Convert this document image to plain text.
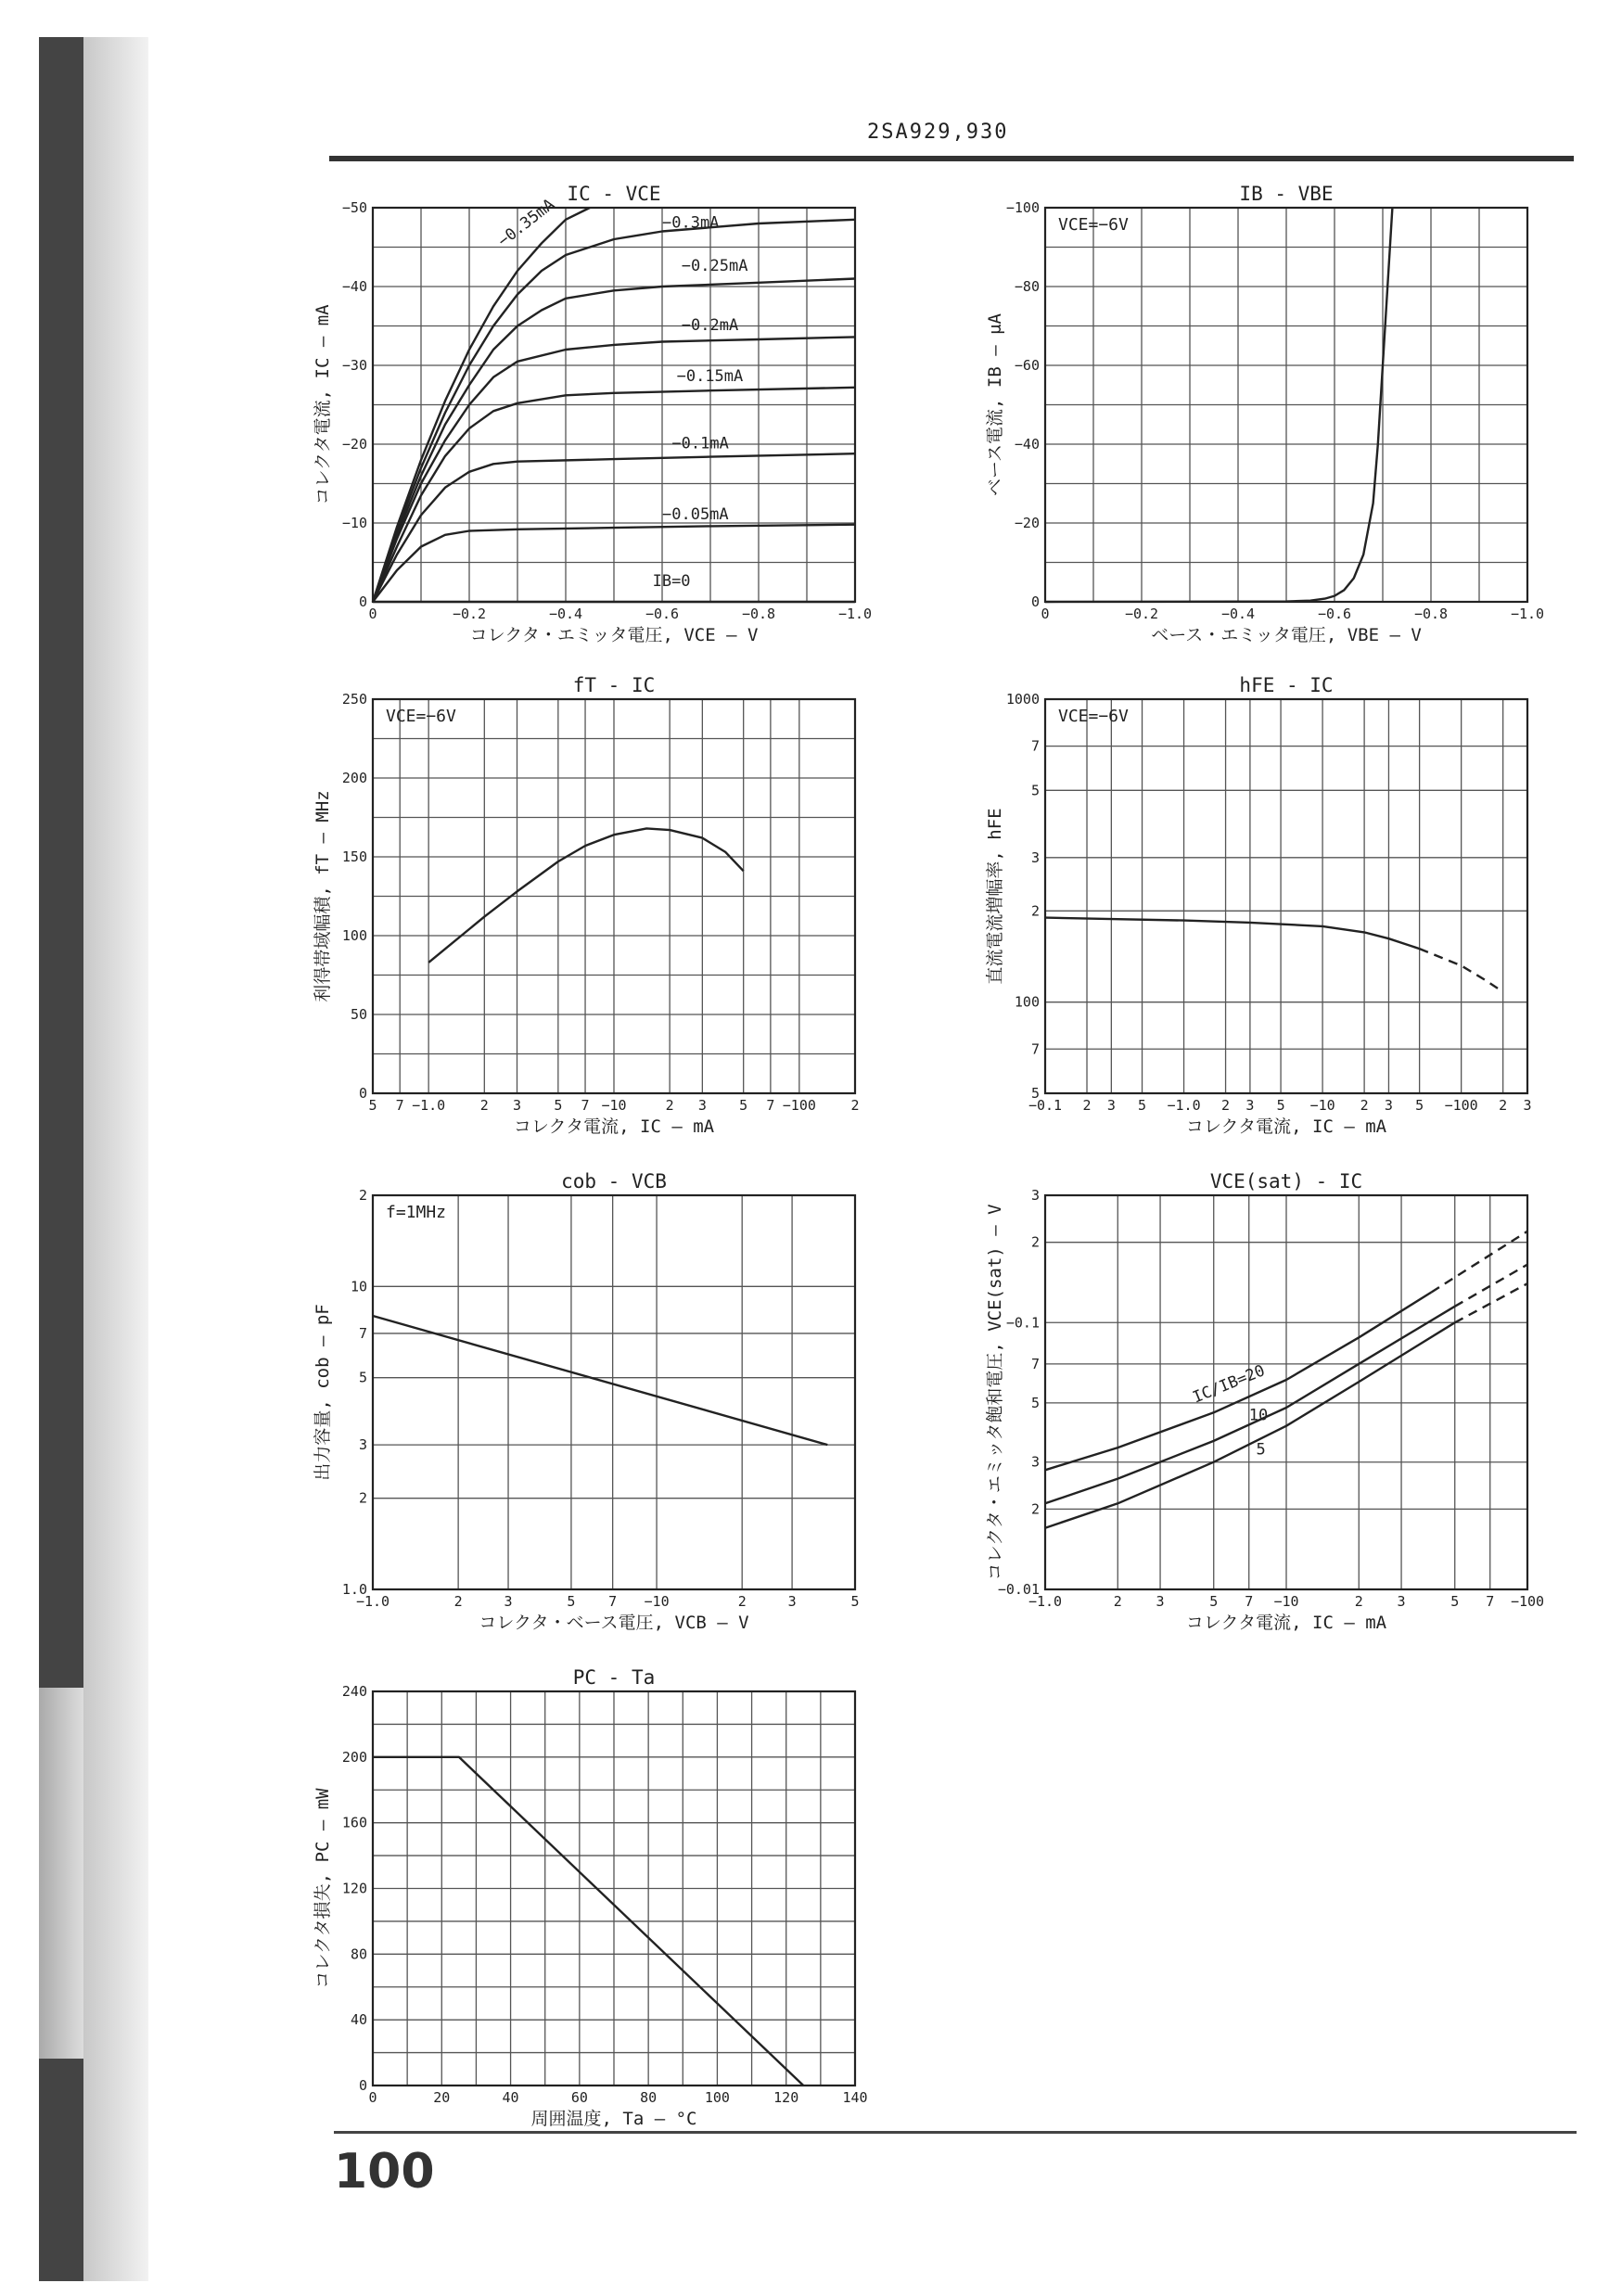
2SA929,930
IC - VCE
0	−0.2	−0.4	−0.6	−0.8	−1.0
0
−10
−20
−30
−40
−50
コレクタ・エミッタ電圧, VCE — V
コレクタ電流, IC — mA
−0.05mA
−0.1mA
−0.15mA
−0.2mA
−0.25mA
−0.3mA
−0.35mA
IB=0
IB - VBE
0	−0.2	−0.4	−0.6	−0.8	−1.0
0
−20
−40
−60
−80
−100
ベース・エミッタ電圧, VBE — V
ベース電流, IB — μA
VCE=−6V
fT - IC
5 7 −1.0	2 3 5 7 −10	2 3 5 7 −100	2
0
50
100
150
200
250
コレクタ電流, IC — mA
利得帯域幅積, fT — MHz
VCE=−6V
hFE - IC
−0.1 2 3 5 −1.0 2 3 5 −10 2 3 5 −100 2 3
5
7
100
2
3
5
7
1000
コレクタ電流, IC — mA
直流電流増幅率, hFE
VCE=−6V
cob - VCB
−1.0	2	3	5 7 −10	2	3	5
1.0
2
3
5
7
10
2
コレクタ・ベース電圧, VCB — V
出力容量, cob — pF
f=1MHz
VCE(sat) - IC
−1.0	2 3	5 7 −10	2 3	5 7 −100
−0.01
2
3
5
7
−0.1
2
3
コレクタ電流, IC — mA
コレクタ・エミッタ飽和電圧, VCE(sat) — V	IC/IB=20
10
5
PC - Ta
0	20	40	60	80	100	120	140
0
40
80
120
160
200
240
周囲温度, Ta — °C
コレクタ損失, PC — mW
100
